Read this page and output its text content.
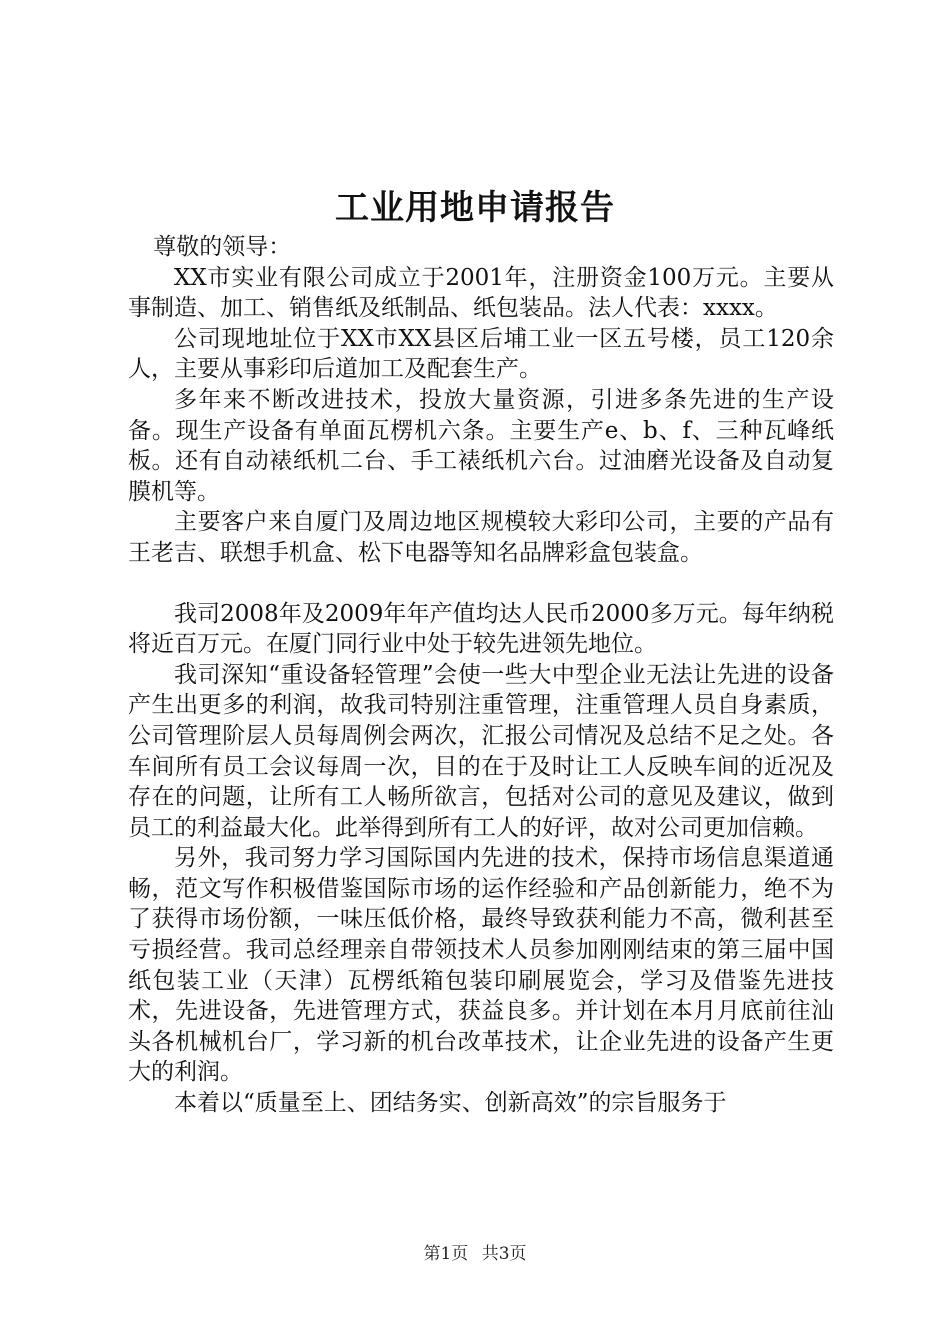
工业用地申请报告

尊敬的领导：

XX市实业有限公司成立于2001年，注册资金100万元。主要从事制造、加工、销售纸及纸制品、纸包装品。法人代表：xxxx。

公司现地址位于XX市XX县区后埔工业一区五号楼，员工120余人，主要从事彩印后道加工及配套生产。

多年来不断改进技术，投放大量资源，引进多条先进的生产设备。现生产设备有单面瓦楞机六条。主要生产e、b、f、三种瓦峰纸板。还有自动裱纸机二台、手工裱纸机六台。过油磨光设备及自动复膜机等。

主要客户来自厦门及周边地区规模较大彩印公司，主要的产品有王老吉、联想手机盒、松下电器等知名品牌彩盒包装盒。

我司2008年及2009年年产值均达人民币2000多万元。每年纳税将近百万元。在厦门同行业中处于较先进领先地位。

我司深知“重设备轻管理”会使一些大中型企业无法让先进的设备产生出更多的利润，故我司特别注重管理，注重管理人员自身素质，公司管理阶层人员每周例会两次，汇报公司情况及总结不足之处。各车间所有员工会议每周一次，目的在于及时让工人反映车间的近况及存在的问题，让所有工人畅所欲言，包括对公司的意见及建议，做到员工的利益最大化。此举得到所有工人的好评，故对公司更加信赖。

另外，我司努力学习国际国内先进的技术，保持市场信息渠道通畅，范文写作积极借鉴国际市场的运作经验和产品创新能力，绝不为了获得市场份额，一味压低价格，最终导致获利能力不高，微利甚至亏损经营。我司总经理亲自带领技术人员参加刚刚结束的第三届中国纸包装工业（天津）瓦楞纸箱包装印刷展览会，学习及借鉴先进技术，先进设备，先进管理方式，获益良多。并计划在本月月底前往汕头各机械机台厂，学习新的机台改革技术，让企业先进的设备产生更大的利润。

本着以“质量至上、团结务实、创新高效”的宗旨服务于

第1页 共3页
